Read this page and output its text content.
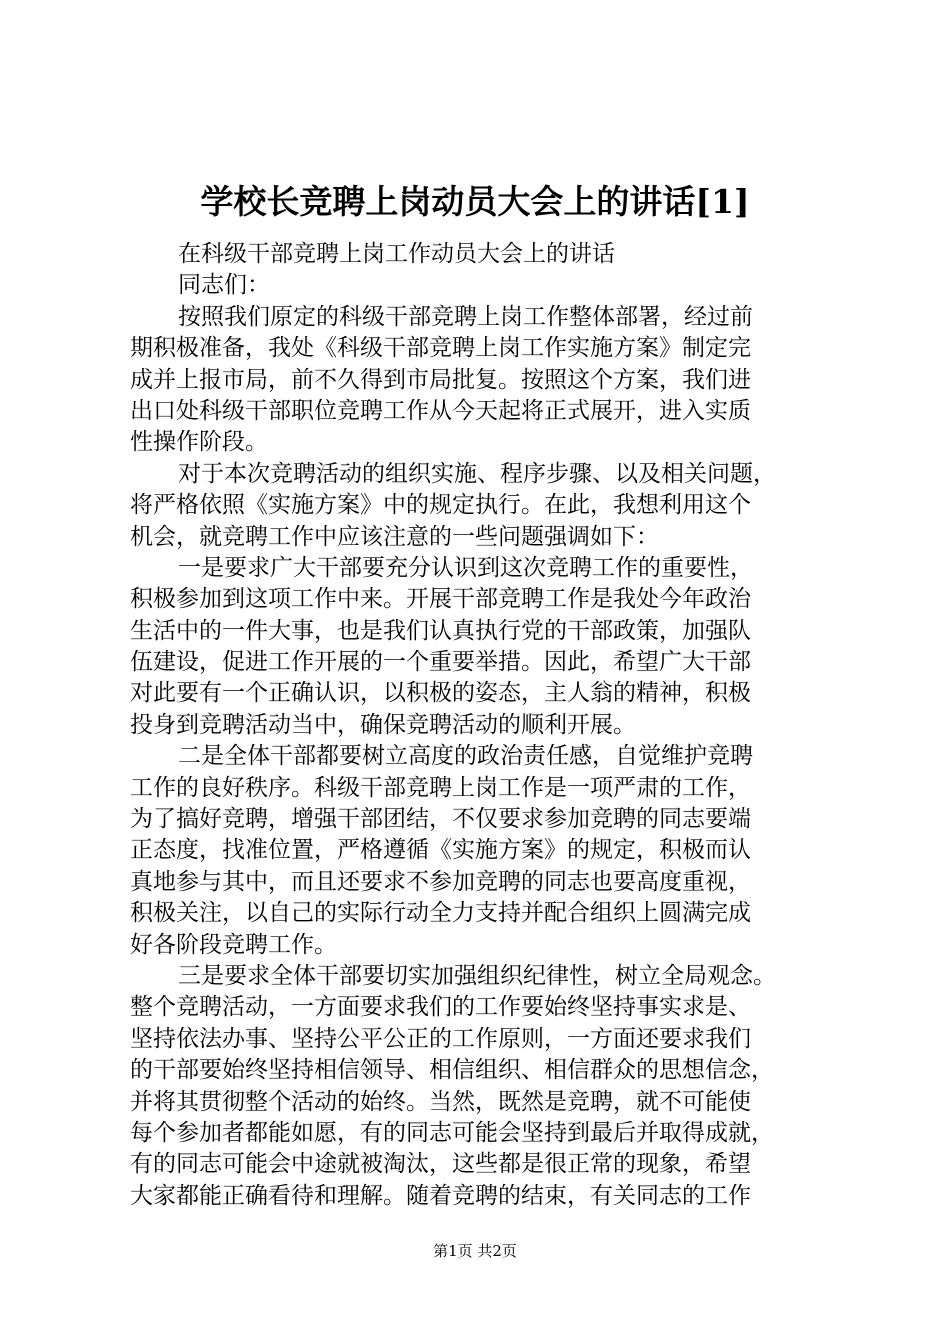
学校长竞聘上岗动员大会上的讲话[1]
在科级干部竞聘上岗工作动员大会上的讲话
同志们：
按照我们原定的科级干部竞聘上岗工作整体部署，经过前
期积极准备，我处《科级干部竞聘上岗工作实施方案》制定完
成并上报市局，前不久得到市局批复。按照这个方案，我们进
出口处科级干部职位竞聘工作从今天起将正式展开，进入实质
性操作阶段。
对于本次竞聘活动的组织实施、程序步骤、以及相关问题，
将严格依照《实施方案》中的规定执行。在此，我想利用这个
机会，就竞聘工作中应该注意的一些问题强调如下：
一是要求广大干部要充分认识到这次竞聘工作的重要性，
积极参加到这项工作中来。开展干部竞聘工作是我处今年政治
生活中的一件大事，也是我们认真执行党的干部政策，加强队
伍建设，促进工作开展的一个重要举措。因此，希望广大干部
对此要有一个正确认识，以积极的姿态，主人翁的精神，积极
投身到竞聘活动当中，确保竞聘活动的顺利开展。
二是全体干部都要树立高度的政治责任感，自觉维护竞聘
工作的良好秩序。科级干部竞聘上岗工作是一项严肃的工作，
为了搞好竞聘，增强干部团结，不仅要求参加竞聘的同志要端
正态度，找准位置，严格遵循《实施方案》的规定，积极而认
真地参与其中，而且还要求不参加竞聘的同志也要高度重视，
积极关注，以自己的实际行动全力支持并配合组织上圆满完成
好各阶段竞聘工作。
三是要求全体干部要切实加强组织纪律性，树立全局观念。
整个竞聘活动，一方面要求我们的工作要始终坚持事实求是、
坚持依法办事、坚持公平公正的工作原则，一方面还要求我们
的干部要始终坚持相信领导、相信组织、相信群众的思想信念，
并将其贯彻整个活动的始终。当然，既然是竞聘，就不可能使
每个参加者都能如愿，有的同志可能会坚持到最后并取得成就，
有的同志可能会中途就被淘汰，这些都是很正常的现象，希望
大家都能正确看待和理解。随着竞聘的结束，有关同志的工作
第1页 共2页
